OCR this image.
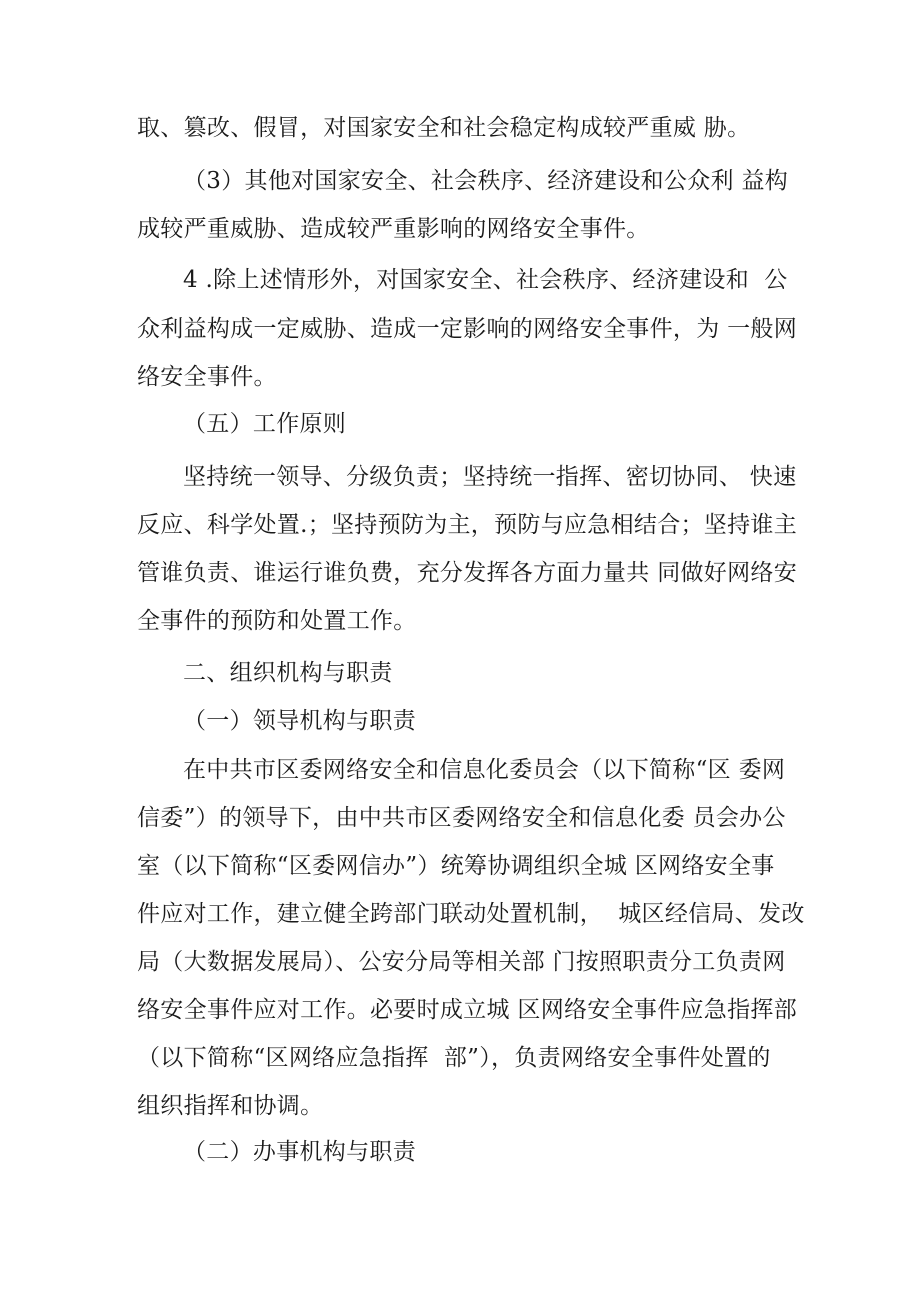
取、篡改、假冒，对国家安全和社会稳定构成较严重威 胁。
（3）其他对国家安全、社会秩序、经济建设和公众利 益构
成较严重威胁、造成较严重影响的网络安全事件。
4 .除上述情形外，对国家安全、社会秩序、经济建设和  公
众利益构成一定威胁、造成一定影响的网络安全事件，为 一般网
络安全事件。
（五）工作原则
坚持统一领导、分级负责；坚持统一指挥、密切协同、 快速
反应、科学处置.；坚持预防为主，预防与应急相结合；坚持谁主
管谁负责、谁运行谁负费，充分发挥各方面力量共 同做好网络安
全事件的预防和处置工作。
二、组织机构与职责
（一）领导机构与职责
在中共市区委网络安全和信息化委员会（以下简称“区 委网
信委”）的领导下，由中共市区委网络安全和信息化委 员会办公
室（以下简称“区委网信办”）统筹协调组织全城 区网络安全事
件应对工作，建立健全跨部门联动处置机制，  城区经信局、发改
局（大数据发展局）、公安分局等相关部 门按照职责分工负责网
络安全事件应对工作。必要时成立城 区网络安全事件应急指挥部
（以下简称“区网络应急指挥  部”），负责网络安全事件处置的
组织指挥和协调。
（二）办事机构与职责
